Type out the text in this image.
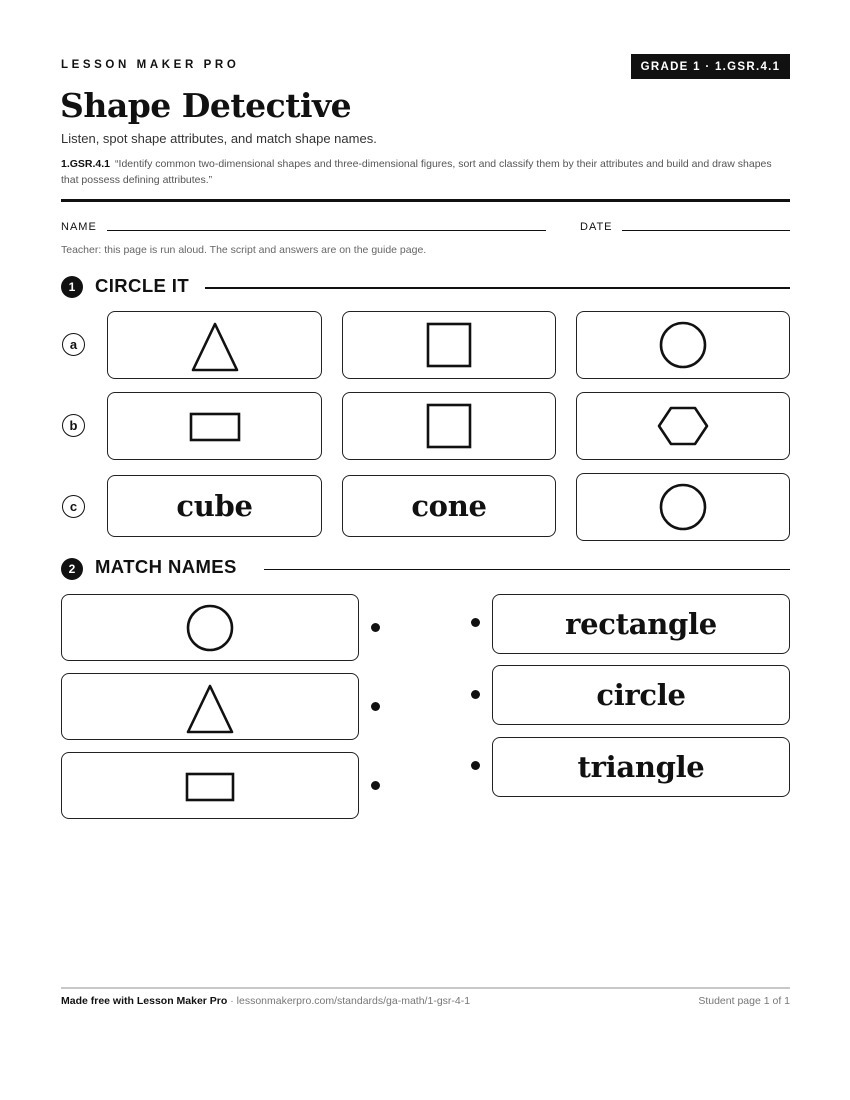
LESSON MAKER PRO	GRADE 1 · 1.GSR.4.1
Shape Detective
Listen, spot shape attributes, and match shape names.
1.GSR.4.1 “Identify common two-dimensional shapes and three-dimensional figures, sort and classify them by their attributes and build and draw shapes that possess defining attributes.”
NAME	DATE
Teacher: this page is run aloud. The script and answers are on the guide page.
1	CIRCLE IT
a
b
c	cube	cone
2	MATCH NAMES
rectangle
circle
triangle
Made free with Lesson Maker Pro · lessonmakerpro.com/standards/ga-math/1-gsr-4-1	Student page 1 of 1
